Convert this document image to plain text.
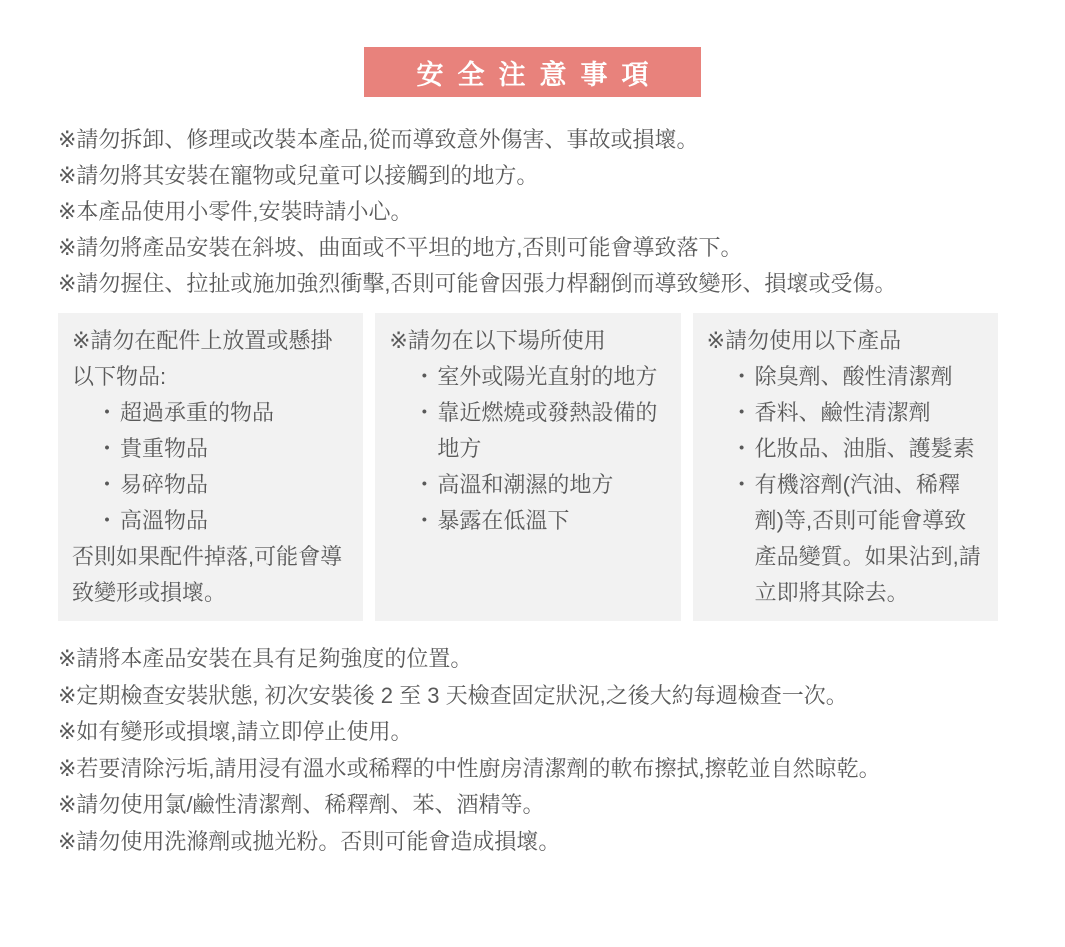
安全注意事項

※請勿拆卸、修理或改裝本產品,從而導致意外傷害、事故或損壞。

※請勿將其安裝在寵物或兒童可以接觸到的地方。

※本產品使用小零件,安裝時請小心。

※請勿將產品安裝在斜坡、曲面或不平坦的地方,否則可能會導致落下。

※請勿握住、拉扯或施加強烈衝擊,否則可能會因張力桿翻倒而導致變形、損壞或受傷。

※請勿在配件上放置或懸掛以下物品:

・ 超過承重的物品
・ 貴重物品
・ 易碎物品
・ 高溫物品

否則如果配件掉落,可能會導致變形或損壞。

※請勿在以下場所使用

・ 室外或陽光直射的地方
・ 靠近燃燒或發熱設備的地方
・ 高溫和潮濕的地方
・ 暴露在低溫下

※請勿使用以下產品

・ 除臭劑、酸性清潔劑
・ 香料、鹼性清潔劑
・ 化妝品、油脂、護髮素
・ 有機溶劑(汽油、稀釋劑)等,否則可能會導致產品變質。如果沾到,請立即將其除去。

※請將本產品安裝在具有足夠強度的位置。

※定期檢查安裝狀態, 初次安裝後 2 至 3 天檢查固定狀況,之後大約每週檢查一次。

※如有變形或損壞,請立即停止使用。

※若要清除污垢,請用浸有溫水或稀釋的中性廚房清潔劑的軟布擦拭,擦乾並自然晾乾。

※請勿使用氯/鹼性清潔劑、稀釋劑、苯、酒精等。

※請勿使用洗滌劑或拋光粉。否則可能會造成損壞。
